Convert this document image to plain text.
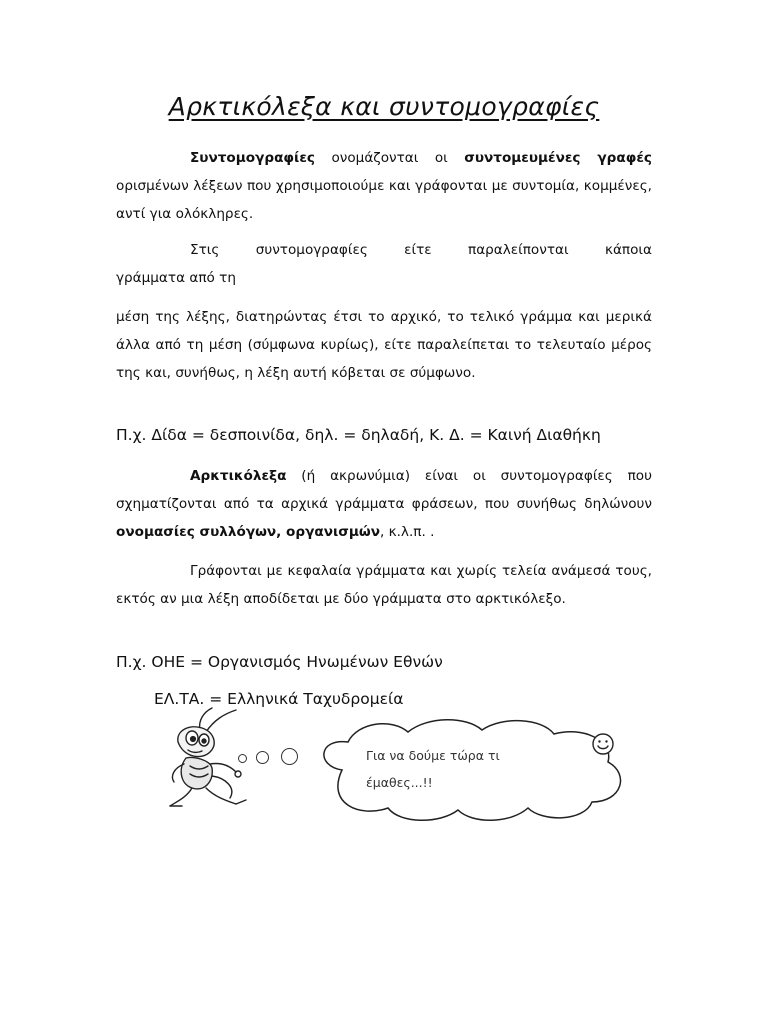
Αρκτικόλεξα και συντομογραφίες

Συντομογραφίες ονομάζονται οι συντομευμένες γραφές ορισμένων λέξεων που χρησιμοποιούμε και γράφονται με συντομία, κομμένες, αντί για ολόκληρες.

Στις συντομογραφίες είτε παραλείπονται κάποια

γράμματα από τη

μέση της λέξης, διατηρώντας έτσι το αρχικό, το τελικό γράμμα και μερικά άλλα από τη μέση (σύμφωνα κυρίως), είτε παραλείπεται το τελευταίο μέρος της και, συνήθως, η λέξη αυτή κόβεται σε σύμφωνο.

Π.χ. Δίδα = δεσποινίδα, δηλ. = δηλαδή, Κ. Δ. = Καινή Διαθήκη

Αρκτικόλεξα (ή ακρωνύμια) είναι οι συντομογραφίες που σχηματίζονται από τα αρχικά γράμματα φράσεων, που συνήθως δηλώνουν ονομασίες συλλόγων, οργανισμών, κ.λ.π. .

Γράφονται με κεφαλαία γράμματα και χωρίς τελεία ανάμεσά τους, εκτός αν μια λέξη αποδίδεται με δύο γράμματα στο αρκτικόλεξο.

Π.χ. ΟΗΕ = Οργανισμός Ηνωμένων Εθνών

ΕΛ.ΤΑ. = Ελληνικά Ταχυδρομεία

Για να δούμε τώρα τι
έμαθες...!!
